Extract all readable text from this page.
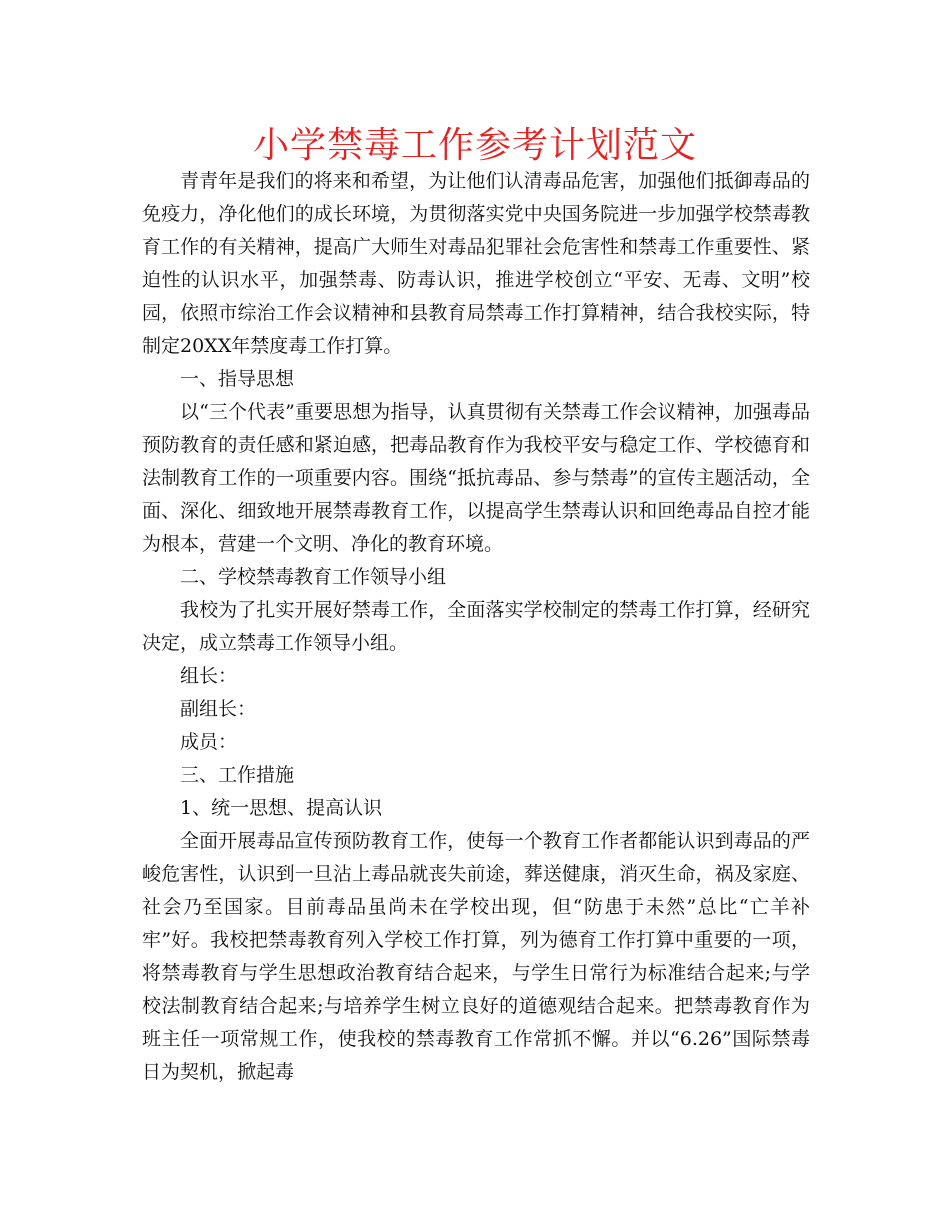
小学禁毒工作参考计划范文

青青年是我们的将来和希望，为让他们认清毒品危害，加强他们抵御毒品的免疫力，净化他们的成长环境，为贯彻落实党中央国务院进一步加强学校禁毒教育工作的有关精神，提高广大师生对毒品犯罪社会危害性和禁毒工作重要性、紧迫性的认识水平，加强禁毒、防毒认识，推进学校创立“平安、无毒、文明”校园，依照市综治工作会议精神和县教育局禁毒工作打算精神，结合我校实际，特制定20XX年禁度毒工作打算。

一、指导思想

以“三个代表”重要思想为指导，认真贯彻有关禁毒工作会议精神，加强毒品预防教育的责任感和紧迫感，把毒品教育作为我校平安与稳定工作、学校德育和法制教育工作的一项重要内容。围绕“抵抗毒品、参与禁毒”的宣传主题活动，全面、深化、细致地开展禁毒教育工作，以提高学生禁毒认识和回绝毒品自控才能为根本，营建一个文明、净化的教育环境。

二、学校禁毒教育工作领导小组

我校为了扎实开展好禁毒工作，全面落实学校制定的禁毒工作打算，经研究决定，成立禁毒工作领导小组。

组长：

副组长：

成员：

三、工作措施

1、统一思想、提高认识

全面开展毒品宣传预防教育工作，使每一个教育工作者都能认识到毒品的严峻危害性，认识到一旦沾上毒品就丧失前途，葬送健康，消灭生命，祸及家庭、社会乃至国家。目前毒品虽尚未在学校出现，但“防患于未然”总比“亡羊补牢”好。我校把禁毒教育列入学校工作打算，列为德育工作打算中重要的一项，将禁毒教育与学生思想政治教育结合起来，与学生日常行为标准结合起来;与学校法制教育结合起来;与培养学生树立良好的道德观结合起来。把禁毒教育作为班主任一项常规工作，使我校的禁毒教育工作常抓不懈。并以“6.26”国际禁毒日为契机，掀起毒
